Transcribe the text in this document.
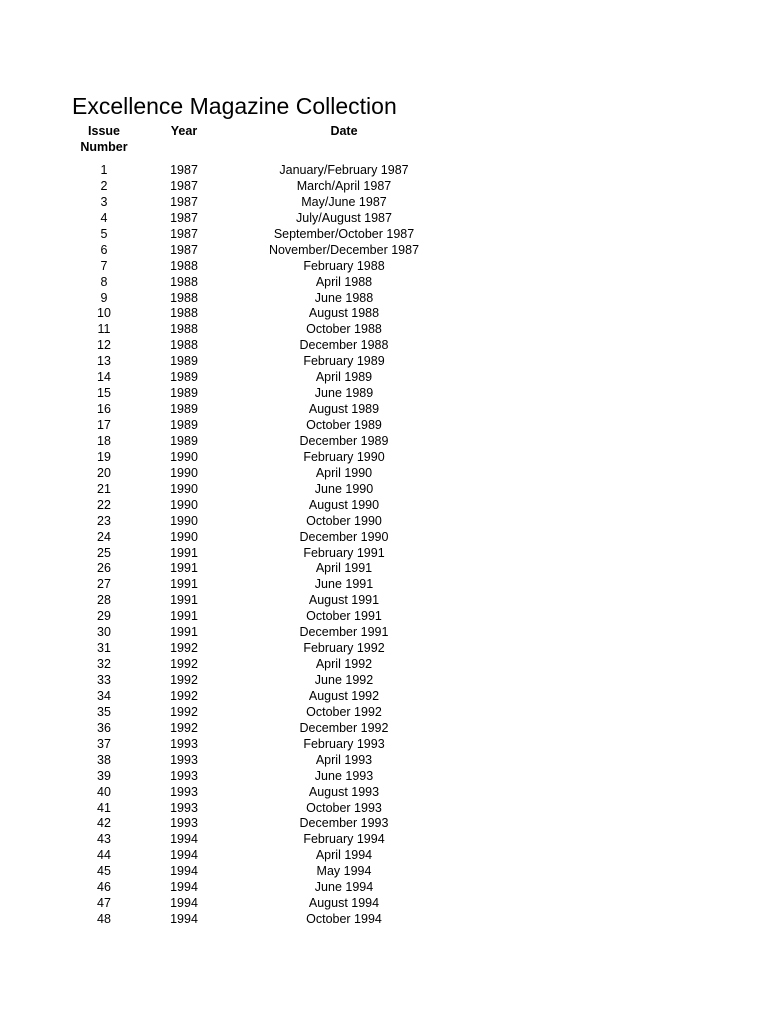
Excellence Magazine Collection
Issue
Number
Year	Date
1	1987	January/February 1987
2	1987	March/April 1987
3	1987	May/June 1987
4	1987	July/August 1987
5	1987	September/October 1987
6	1987	November/December 1987
7	1988	February 1988
8	1988	April 1988
9	1988	June 1988
10	1988	August 1988
11	1988	October 1988
12	1988	December 1988
13	1989	February 1989
14	1989	April 1989
15	1989	June 1989
16	1989	August 1989
17	1989	October 1989
18	1989	December 1989
19	1990	February 1990
20	1990	April 1990
21	1990	June 1990
22	1990	August 1990
23	1990	October 1990
24	1990	December 1990
25	1991	February 1991
26	1991	April 1991
27	1991	June 1991
28	1991	August 1991
29	1991	October 1991
30	1991	December 1991
31	1992	February 1992
32	1992	April 1992
33	1992	June 1992
34	1992	August 1992
35	1992	October 1992
36	1992	December 1992
37	1993	February 1993
38	1993	April 1993
39	1993	June 1993
40	1993	August 1993
41	1993	October 1993
42	1993	December 1993
43	1994	February 1994
44	1994	April 1994
45	1994	May 1994
46	1994	June 1994
47	1994	August 1994
48	1994	October 1994
